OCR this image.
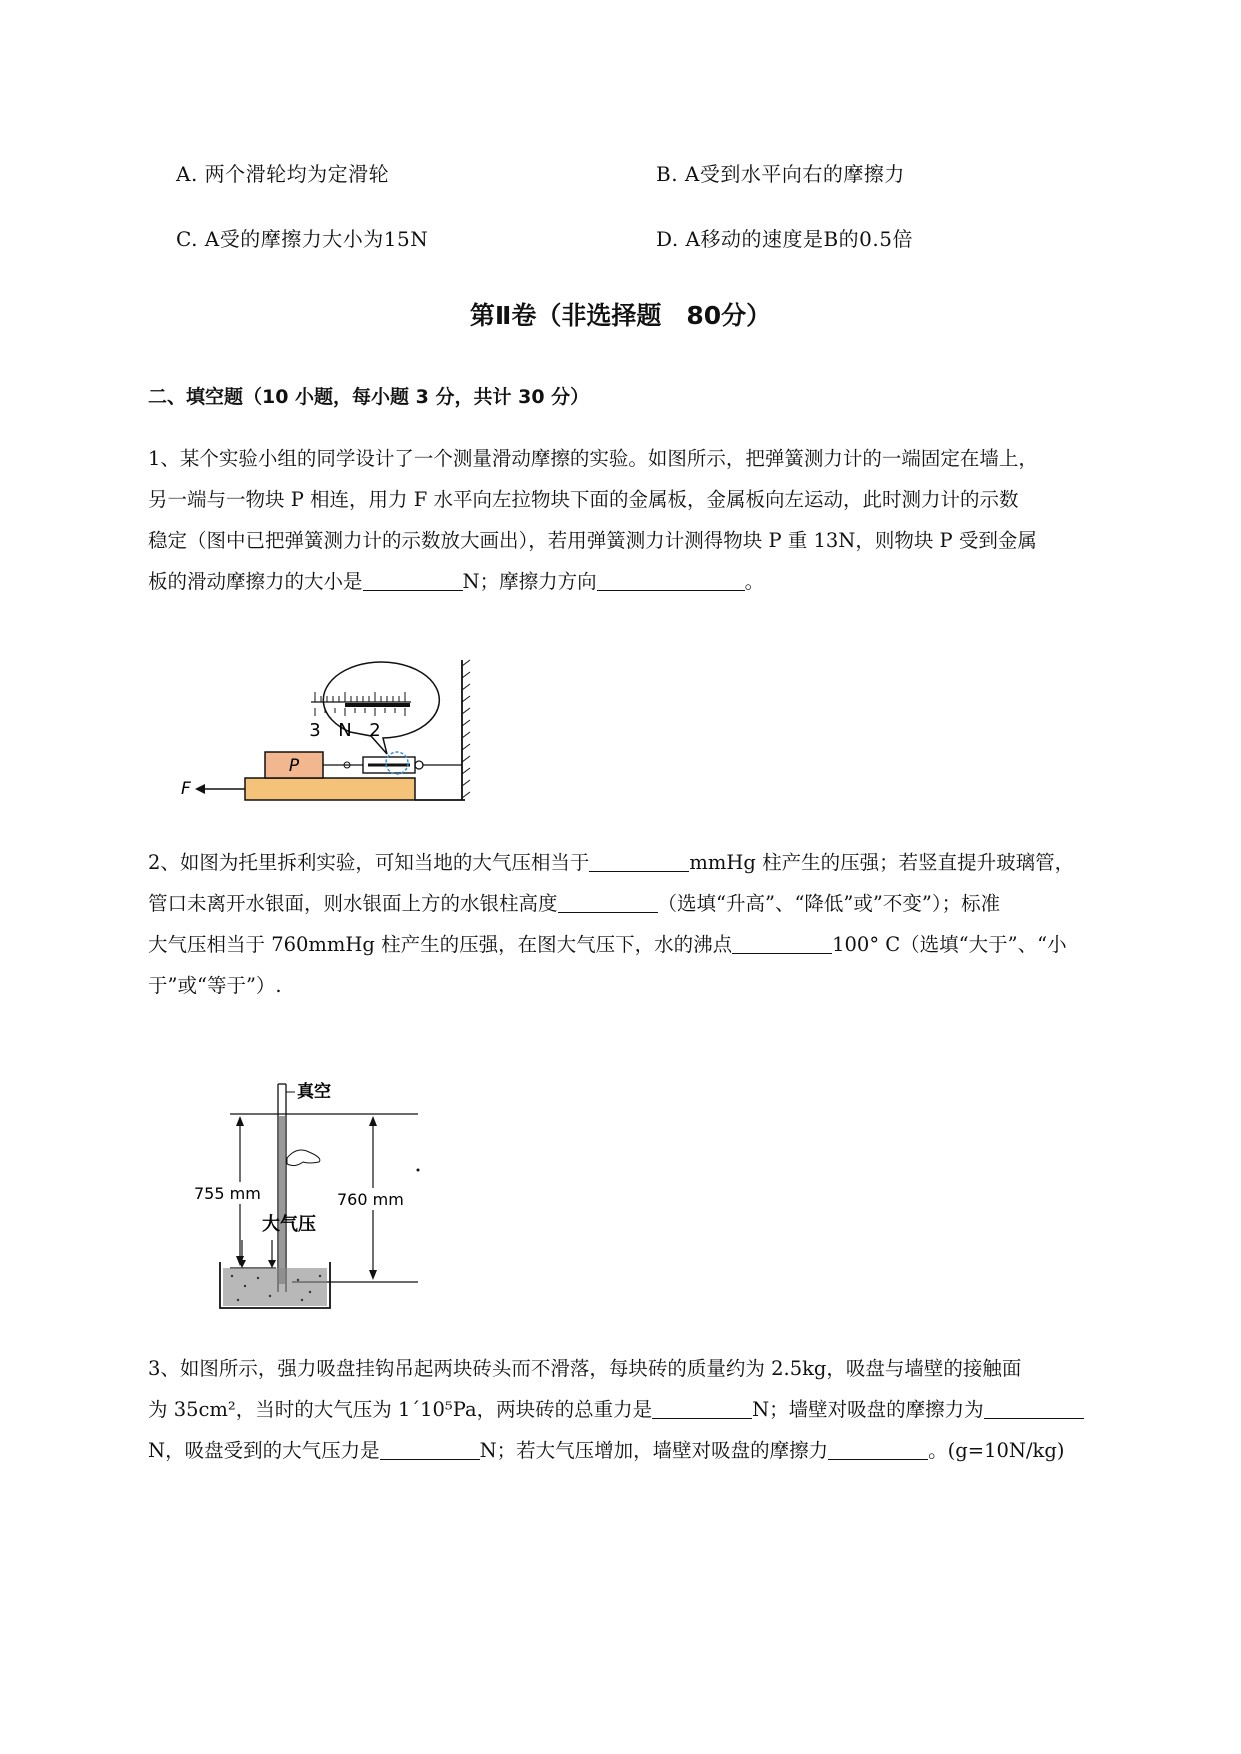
A. 两个滑轮均为定滑轮	B. A受到水平向右的摩擦力
C. A受的摩擦力大小为15N	D. A移动的速度是B的0.5倍
第Ⅱ卷（非选择题　80分）
二、填空题（10 小题，每小题 3 分，共计 30 分）
1、某个实验小组的同学设计了一个测量滑动摩擦的实验。如图所示，把弹簧测力计的一端固定在墙上，
另一端与一物块 P 相连，用力 F 水平向左拉物块下面的金属板，金属板向左运动，此时测力计的示数
稳定（图中已把弹簧测力计的示数放大画出），若用弹簧测力计测得物块 P 重 13N，则物块 P 受到金属
板的滑动摩擦力的大小是	N；摩擦力方向	。
P
3 N 2
F
2、如图为托里拆利实验，可知当地的大气压相当于	mmHg 柱产生的压强；若竖直提升玻璃管，
管口未离开水银面，则水银面上方的水银柱高度	（选填“升高”、“降低”或”不变”）；标准
大气压相当于 760mmHg 柱产生的压强，在图大气压下，水的沸点	100° C（选填“大于”、“小
于”或“等于”）.
755 mm	760 mm
真空
大气压
3、如图所示，强力吸盘挂钩吊起两块砖头而不滑落，每块砖的质量约为 2.5kg，吸盘与墙壁的接触面
为 35cm²，当时的大气压为 1´10⁵Pa，两块砖的总重力是	N；墙壁对吸盘的摩擦力为
N，吸盘受到的大气压力是	N；若大气压增加，墙壁对吸盘的摩擦力	。(g=10N/kg)
